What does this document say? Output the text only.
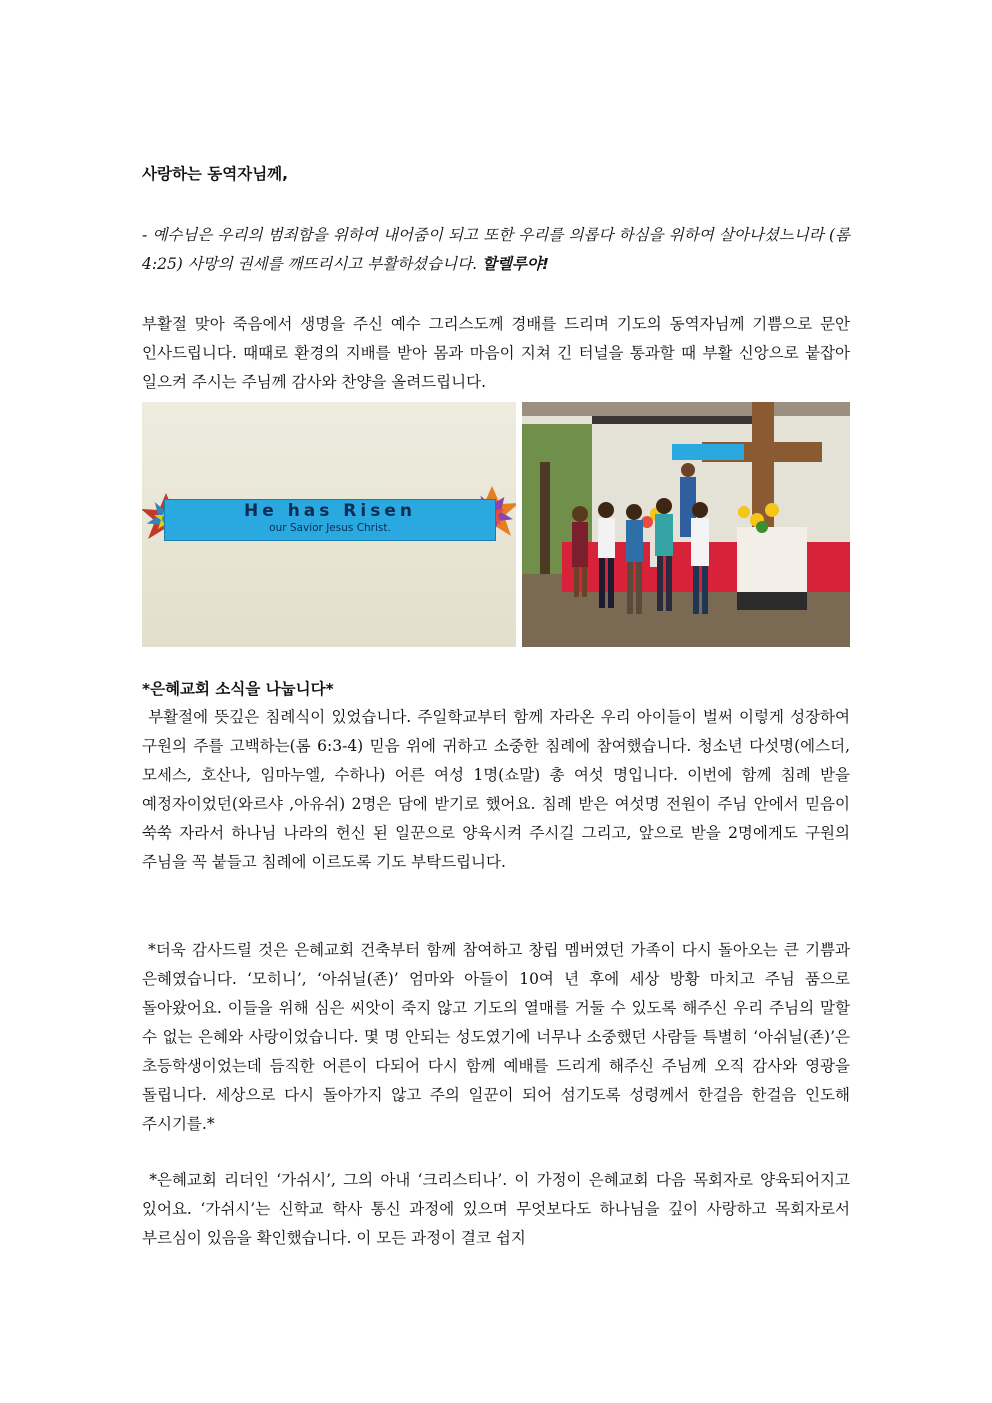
사랑하는 동역자님께,
- 예수님은 우리의 범죄함을 위하여 내어줌이 되고 또한 우리를 의롭다 하심을 위하여 살아나셨느니라 (롬 4:25) 사망의 권세를 깨뜨리시고 부활하셨습니다. 할렐루야!
부활절 맞아 죽음에서 생명을 주신 예수 그리스도께 경배를 드리며 기도의 동역자님께 기쁨으로 문안 인사드립니다. 때때로 환경의 지배를 받아 몸과 마음이 지쳐 긴 터널을 통과할 때 부활 신앙으로 붙잡아 일으켜 주시는 주님께 감사와 찬양을 올려드립니다.
He has Risen
our Savior Jesus Christ.
*은혜교회 소식을 나눕니다*
부활절에 뜻깊은 침례식이 있었습니다. 주일학교부터 함께 자라온 우리 아이들이 벌써 이렇게 성장하여 구원의 주를 고백하는(롬 6:3-4) 믿음 위에 귀하고 소중한 침례에 참여했습니다. 청소년 다섯명(에스더, 모세스, 호산나, 임마누엘, 수하나) 어른 여성 1명(쇼말) 총 여섯 명입니다. 이번에 함께 침례 받을 예정자이었던(와르샤 ,아유쉬) 2명은 담에 받기로 했어요. 침례 받은 여섯명 전원이 주님 안에서 믿음이 쑥쑥 자라서 하나님 나라의 헌신 된 일꾼으로 양육시켜 주시길 그리고, 앞으로 받을 2명에게도 구원의 주님을 꼭 붙들고 침례에 이르도록 기도 부탁드립니다.
*더욱 감사드릴 것은 은혜교회 건축부터 함께 참여하고 창립 멤버였던 가족이 다시 돌아오는 큰 기쁨과 은혜였습니다. ‘모히니’, ‘아쉬닐(죤)’ 엄마와 아들이 10여 년 후에 세상 방황 마치고 주님 품으로 돌아왔어요. 이들을 위해 심은 씨앗이 죽지 않고 기도의 열매를 거둘 수 있도록 해주신 우리 주님의 말할 수 없는 은혜와 사랑이었습니다. 몇 명 안되는 성도였기에 너무나 소중했던 사람들 특별히 ‘아쉬닐(죤)’은 초등학생이었는데 듬직한 어른이 다되어 다시 함께 예배를 드리게 해주신 주님께 오직 감사와 영광을 돌립니다. 세상으로 다시 돌아가지 않고 주의 일꾼이 되어 섬기도록 성령께서 한걸음 한걸음 인도해 주시기를.*
*은혜교회 리더인 ‘가쉬시’, 그의 아내 ‘크리스티나’. 이 가정이 은혜교회 다음 목회자로 양육되어지고 있어요. ‘가쉬시’는 신학교 학사 통신 과정에 있으며 무엇보다도 하나님을 깊이 사랑하고 목회자로서 부르심이 있음을 확인했습니다. 이 모든 과정이 결코 쉽지
